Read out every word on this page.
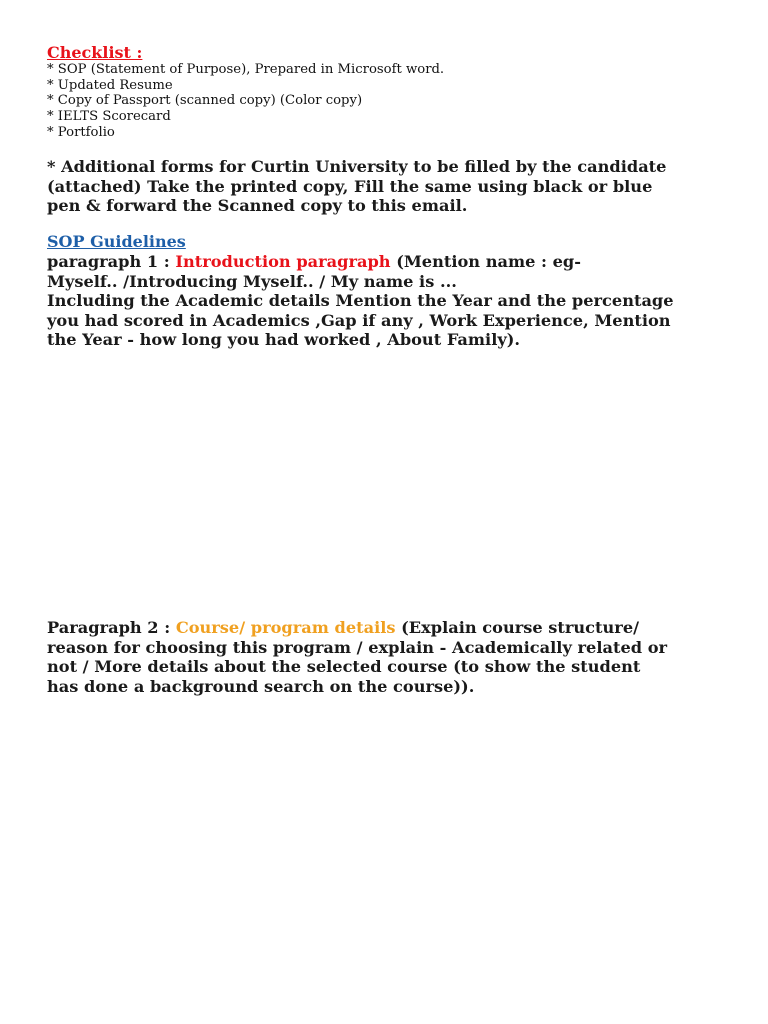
Checklist :
* SOP (Statement of Purpose), Prepared in Microsoft word.
* Updated Resume
* Copy of Passport (scanned copy) (Color copy)
* IELTS Scorecard
* Portfolio

* Additional forms for Curtin University to be filled by the candidate
(attached) Take the printed copy, Fill the same using black or blue
pen & forward the Scanned copy to this email.

SOP Guidelines

paragraph 1 : Introduction paragraph (Mention name : eg-
Myself.. /Introducing Myself.. / My name is ...
Including the Academic details Mention the Year and the percentage
you had scored in Academics ,Gap if any , Work Experience, Mention
the Year - how long you had worked , About Family).

Paragraph 2 : Course/ program details (Explain course structure/
reason for choosing this program / explain - Academically related or
not / More details about the selected course (to show the student
has done a background search on the course)).
